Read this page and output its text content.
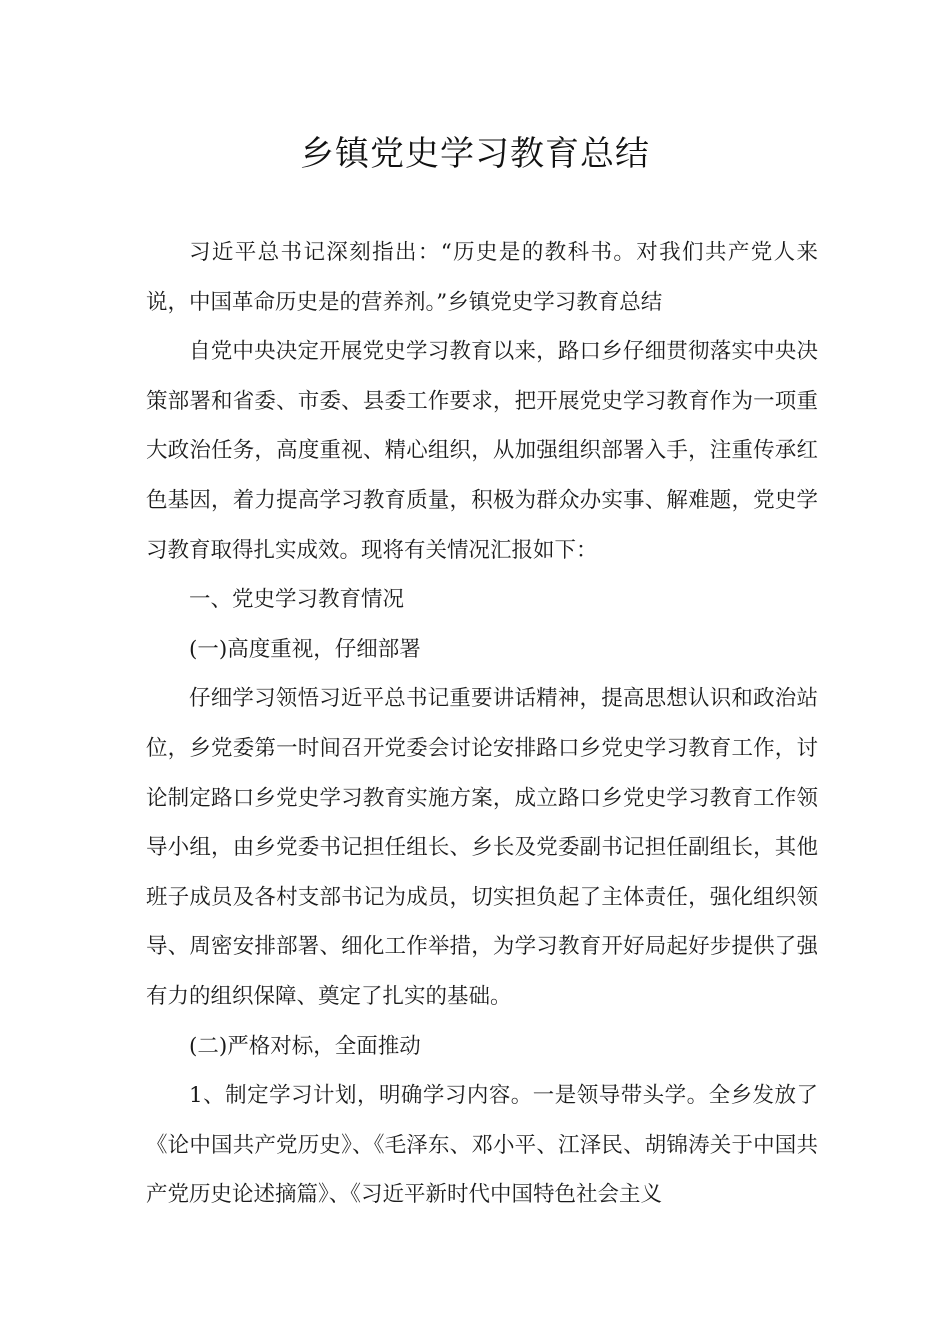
乡镇党史学习教育总结

习近平总书记深刻指出：“历史是的教科书。对我们共产党人来说，中国革命历史是的营养剂。”乡镇党史学习教育总结

自党中央决定开展党史学习教育以来，路口乡仔细贯彻落实中央决策部署和省委、市委、县委工作要求，把开展党史学习教育作为一项重大政治任务，高度重视、精心组织，从加强组织部署入手，注重传承红色基因，着力提高学习教育质量，积极为群众办实事、解难题，党史学习教育取得扎实成效。现将有关情况汇报如下：

一、党史学习教育情况

(一)高度重视，仔细部署

仔细学习领悟习近平总书记重要讲话精神，提高思想认识和政治站位，乡党委第一时间召开党委会讨论安排路口乡党史学习教育工作，讨论制定路口乡党史学习教育实施方案，成立路口乡党史学习教育工作领导小组，由乡党委书记担任组长、乡长及党委副书记担任副组长，其他班子成员及各村支部书记为成员，切实担负起了主体责任，强化组织领导、周密安排部署、细化工作举措，为学习教育开好局起好步提供了强有力的组织保障、奠定了扎实的基础。

(二)严格对标，全面推动

1、制定学习计划，明确学习内容。一是领导带头学。全乡发放了《论中国共产党历史》、《毛泽东、邓小平、江泽民、胡锦涛关于中国共产党历史论述摘篇》、《习近平新时代中国特色社会主义
